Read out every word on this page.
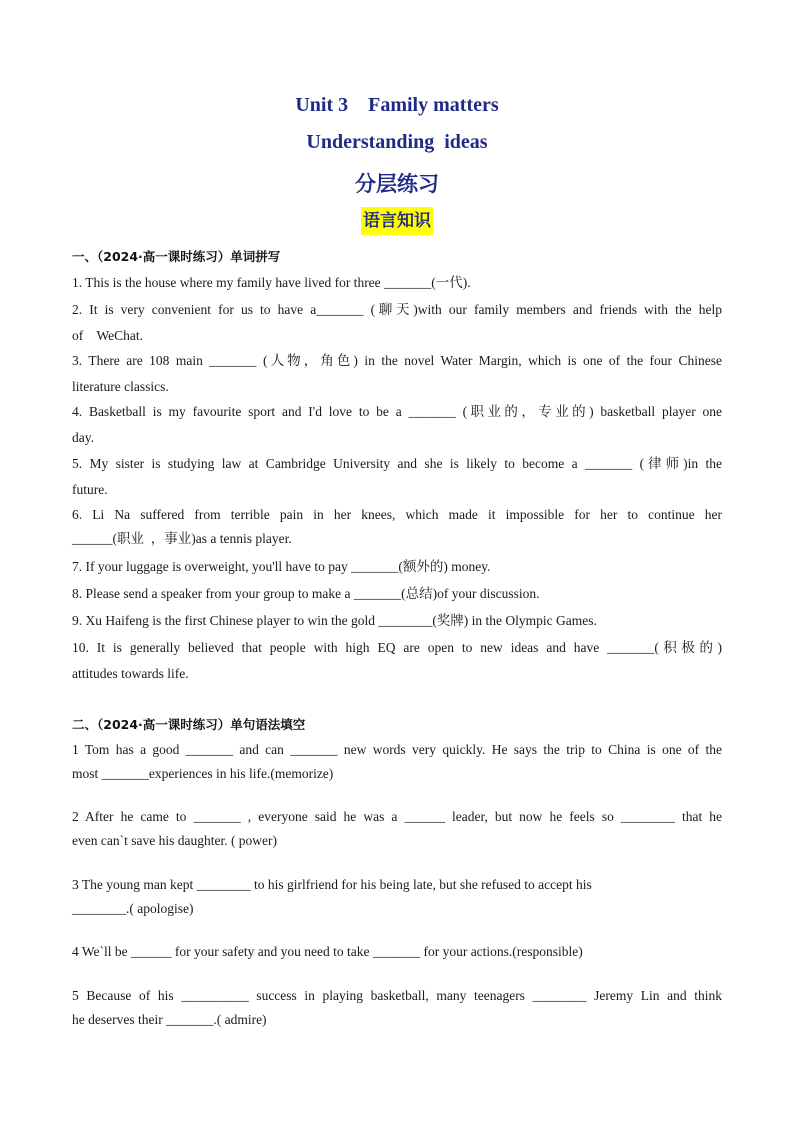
Unit 3    Family matters
Understanding  ideas
分层练习
语言知识
一、（2024·高一课时练习）单词拼写
1. This is the house where my family have lived for three _______(一代).
2. It is very convenient for us to have a_______ (聊天)with our family members and friends with the help
of    WeChat.
3. There are 108 main _______ (人物，角色) in the novel Water Margin, which is one of the four Chinese
literature classics.
4. Basketball is my favourite sport and I'd love to be a _______ (职业的，专业的) basketball player one
day.
5. My sister is studying law at Cambridge University and she is likely to become a _______ (律师)in the
future.
6. Li Na suffered from terrible pain in her knees, which made it impossible for her to continue her
______(职业  ，事业)as a tennis player.
7. If your luggage is overweight, you'll have to pay _______(额外的) money.
8. Please send a speaker from your group to make a _______(总结)of your discussion.
9. Xu Haifeng is the first Chinese player to win the gold ________(奖牌) in the Olympic Games.
10. It is generally believed that people with high EQ are open to new ideas and have _______(积极的)
attitudes towards life.
二、（2024·高一课时练习）单句语法填空
1 Tom has a good _______ and can _______ new words very quickly. He says the trip to China is one of the
most _______experiences in his life.(memorize)
2 After he came to _______ , everyone said he was a ______ leader, but now he feels so ________ that he
even can`t save his daughter. ( power)
3 The young man kept ________ to his girlfriend for his being late, but she refused to accept his
________.( apologise)
4 We`ll be ______ for your safety and you need to take _______ for your actions.(responsible)
5 Because of his __________ success in playing basketball, many teenagers ________ Jeremy Lin and think
he deserves their _______.( admire)
